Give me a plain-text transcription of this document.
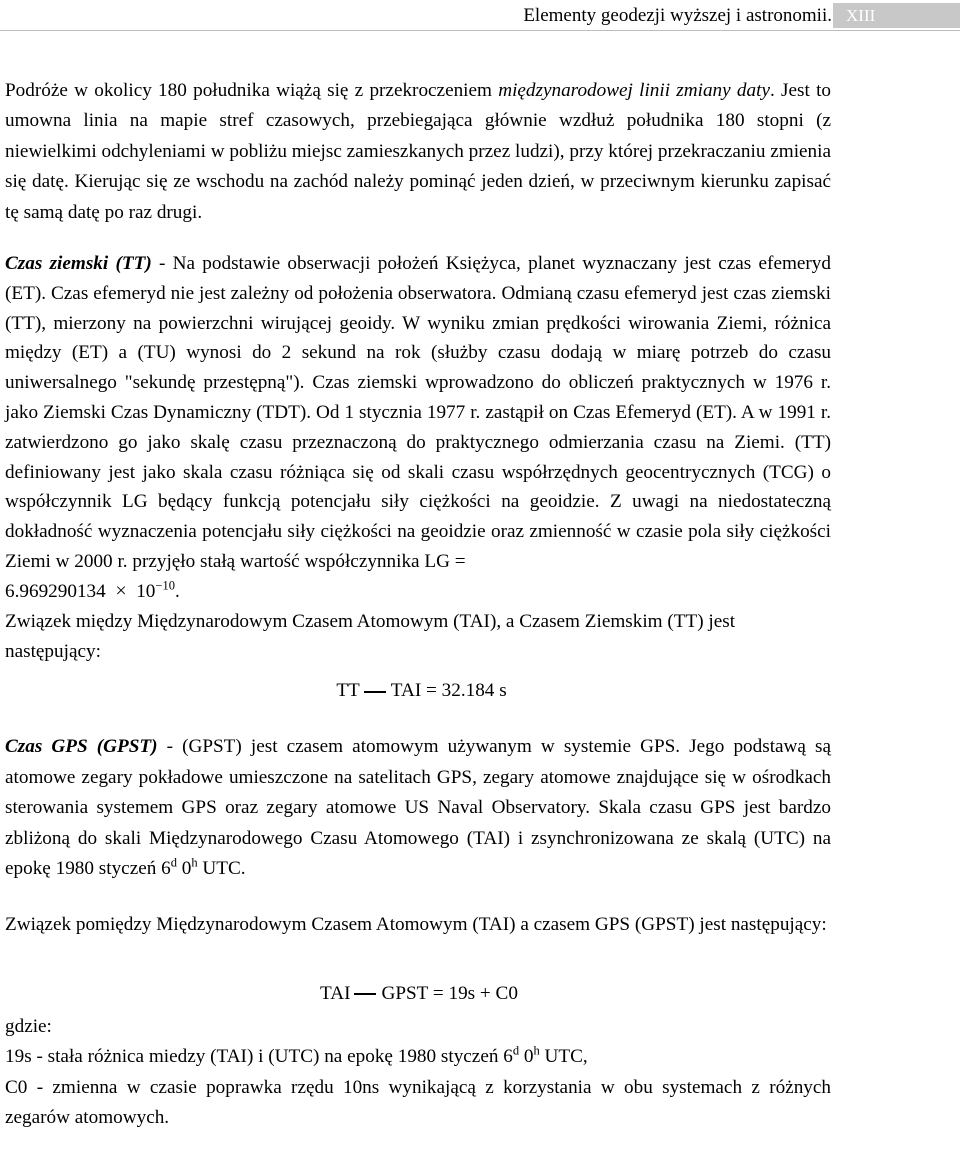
Elementy geodezji wyższej i astronomii. XIII

Podróże w okolicy 180 południka wiążą się z przekroczeniem międzynarodowej linii zmiany daty. Jest to umowna linia na mapie stref czasowych, przebiegająca głównie wzdłuż południka 180 stopni (z niewielkimi odchyleniami w pobliżu miejsc zamieszkanych przez ludzi), przy której przekraczaniu zmienia się datę. Kierując się ze wschodu na zachód należy pominąć jeden dzień, w przeciwnym kierunku zapisać tę samą datę po raz drugi.

Czas ziemski (TT) - Na podstawie obserwacji położeń Księżyca, planet wyznaczany jest czas efemeryd (ET). Czas efemeryd nie jest zależny od położenia obserwatora. Odmianą czasu efemeryd jest czas ziemski (TT), mierzony na powierzchni wirującej geoidy. W wyniku zmian prędkości wirowania Ziemi, różnica między (ET) a (TU) wynosi do 2 sekund na rok (służby czasu dodają w miarę potrzeb do czasu uniwersalnego "sekundę przestępną"). Czas ziemski wprowadzono do obliczeń praktycznych w 1976 r. jako Ziemski Czas Dynamiczny (TDT). Od 1 stycznia 1977 r. zastąpił on Czas Efemeryd (ET). A w 1991 r. zatwierdzono go jako skalę czasu przeznaczoną do praktycznego odmierzania czasu na Ziemi. (TT) definiowany jest jako skala czasu różniąca się od skali czasu współrzędnych geocentrycznych (TCG) o współczynnik LG będący funkcją potencjału siły ciężkości na geoidzie. Z uwagi na niedostateczną dokładność wyznaczenia potencjału siły ciężkości na geoidzie oraz zmienność w czasie pola siły ciężkości Ziemi w 2000 r. przyjęło stałą wartość współczynnika LG =
$6.969290134 \times 10^{-10}$.

Związek między Międzynarodowym Czasem Atomowym (TAI), a Czasem Ziemskim (TT) jest następujący:

TT TAI = 32.184 s

Czas GPS (GPST) - (GPST) jest czasem atomowym używanym w systemie GPS. Jego podstawą są atomowe zegary pokładowe umieszczone na satelitach GPS, zegary atomowe znajdujące się w ośrodkach sterowania systemem GPS oraz zegary atomowe US Naval Observatory. Skala czasu GPS jest bardzo zbliżoną do skali Międzynarodowego Czasu Atomowego (TAI) i zsynchronizowana ze skalą (UTC) na epokę 1980 styczeń 6$^d$ 0$^h$ UTC.

Związek pomiędzy Międzynarodowym Czasem Atomowym (TAI) a czasem GPS (GPST) jest następujący:

TAI GPST = 19s + C0

gdzie:

19s - stała różnica miedzy (TAI) i (UTC) na epokę 1980 styczeń 6$^d$ 0$^h$ UTC,

C0 - zmienna w czasie poprawka rzędu 10ns wynikającą z korzystania w obu systemach z różnych zegarów atomowych.
